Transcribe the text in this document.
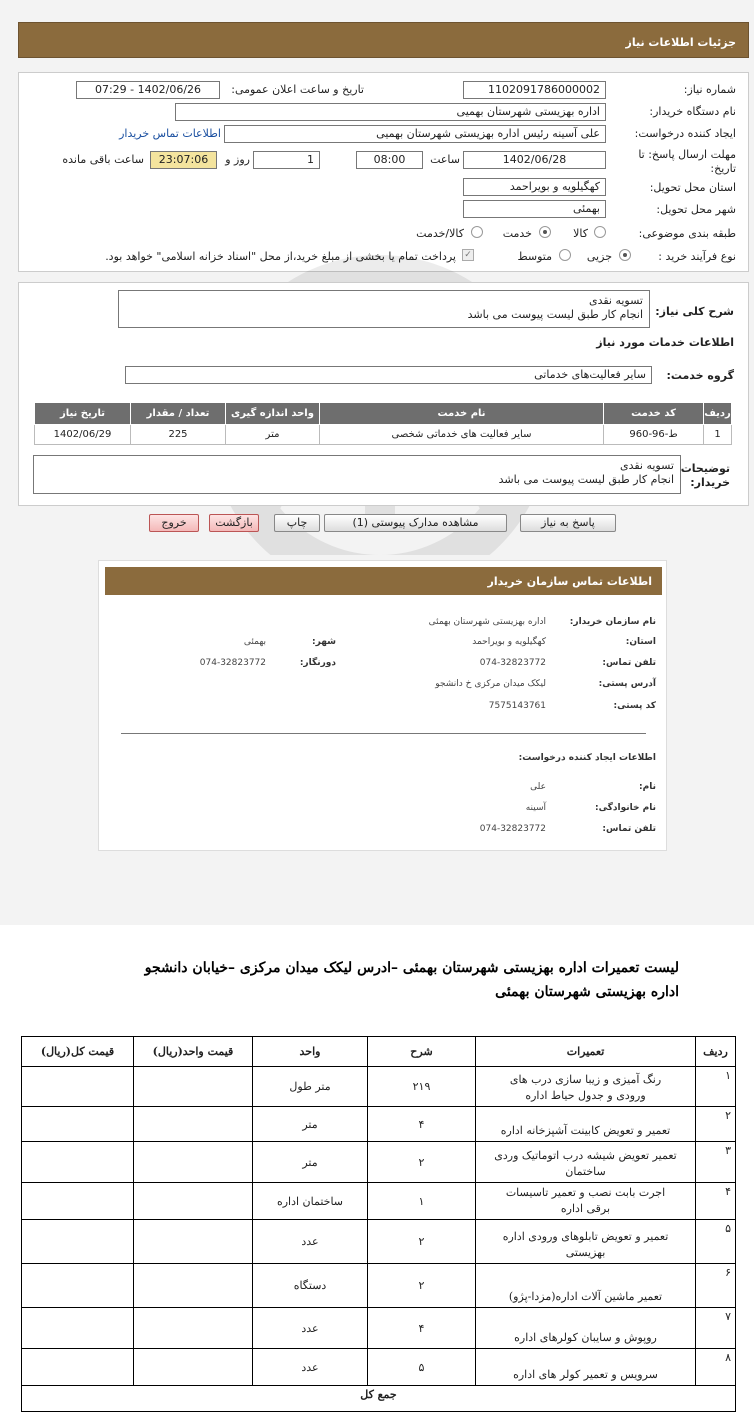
جزئیات اطلاعات نیاز
شماره نیاز:
1102091786000002
تاریخ و ساعت اعلان عمومی:
1402/06/26 - 07:29
نام دستگاه خریدار:
اداره بهزیستی شهرستان بهمیی
ایجاد کننده درخواست:
علی آسینه رئیس اداره بهزیستی شهرستان بهمیی
اطلاعات تماس خریدار
مهلت ارسال پاسخ: تا
تاریخ:
1402/06/28
ساعت
08:00
1
روز و
23:07:06
ساعت باقی مانده
استان محل تحویل:
کهگیلویه و بویراحمد
شهر محل تحویل:
بهمئی
طبقه بندی موضوعی:
کالا
خدمت
کالا/خدمت
نوع فرآیند خرید :
جزیی
متوسط
✓
پرداخت تمام یا بخشی از مبلغ خرید،از محل "اسناد خزانه اسلامی" خواهد بود.
شرح کلی نیاز:
تسویه نقدی
انجام کار طبق لیست پیوست می باشد
اطلاعات خدمات مورد نیاز
گروه خدمت:
سایر فعالیت‌های خدماتی
ردیف	کد خدمت	نام خدمت	واحد اندازه گیری	تعداد / مقدار	تاریخ نیاز
1	ط-96-960	سایر فعالیت های خدماتی شخصی	متر	225	1402/06/29
توضیحات
خریدار:
تسویه نقدی
انجام کار طبق لیست پیوست می باشد
پاسخ به نیاز
مشاهده مدارک پیوستی (1)
چاپ
بازگشت
خروج
اطلاعات تماس سازمان خریدار
نام سازمان خریدار:
اداره بهزیستی شهرستان بهمئی
استان:
کهگیلویه و بویراحمد
شهر:
بهمئی
تلفن تماس:
074-32823772
دورنگار:
074-32823772
آدرس پستی:
لیکک میدان مرکزی خ دانشجو
کد پستی:
7575143761
اطلاعات ایجاد کننده درخواست:
نام:
علی
نام خانوادگی:
آسینه
تلفن تماس:
074-32823772
لیست تعمیرات اداره بهزیستی شهرستان بهمئی –ادرس لیکک میدان مرکزی –خیابان دانشجو
اداره بهزیستی شهرستان بهمئی
ردیف	تعمیرات	شرح	واحد	قیمت واحد(ریال)	قیمت کل(ریال)
۱	رنگ آمیزی و زیبا سازی درب های ورودی و جدول حیاط اداره	۲۱۹	متر طول		
۲	تعمیر و تعویض کابینت آشپزخانه اداره	۴	متر		
۳	تعمیر تعویض شیشه درب اتوماتیک وردی ساختمان	۲	متر		
۴	اجرت بابت نصب و تعمیر تاسیسات برقی اداره	۱	ساختمان اداره		
۵	تعمیر و تعویض تابلوهای ورودی اداره بهزیستی	۲	عدد		
۶	تعمیر ماشین آلات اداره(مزدا-پژو)	۲	دستگاه		
۷	روپوش و سایبان کولرهای اداره	۴	عدد		
۸	سرویس و تعمیر کولر های اداره	۵	عدد		
جمع کل					
